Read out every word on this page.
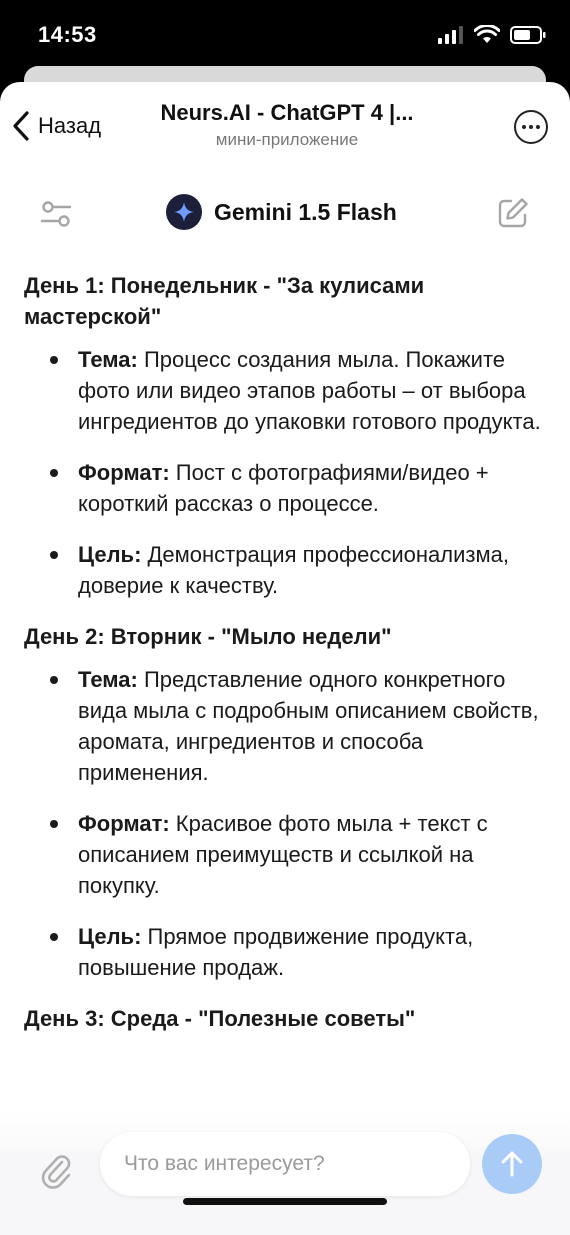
14:53
Назад
Neurs.AI - ChatGPT 4 |...
мини-приложение
Gemini 1.5 Flash
День 1: Понедельник - "За кулисами мастерской"
Тема: Процесс создания мыла. Покажите фото или видео этапов работы – от выбора ингредиентов до упаковки готового продукта.
Формат: Пост с фотографиями/видео + короткий рассказ о процессе.
Цель: Демонстрация профессионализма, доверие к качеству.
День 2: Вторник - "Мыло недели"
Тема: Представление одного конкретного вида мыла с подробным описанием свойств, аромата, ингредиентов и способа применения.
Формат: Красивое фото мыла + текст с описанием преимуществ и ссылкой на покупку.
Цель: Прямое продвижение продукта, повышение продаж.
День 3: Среда - "Полезные советы"
Что вас интересует?
